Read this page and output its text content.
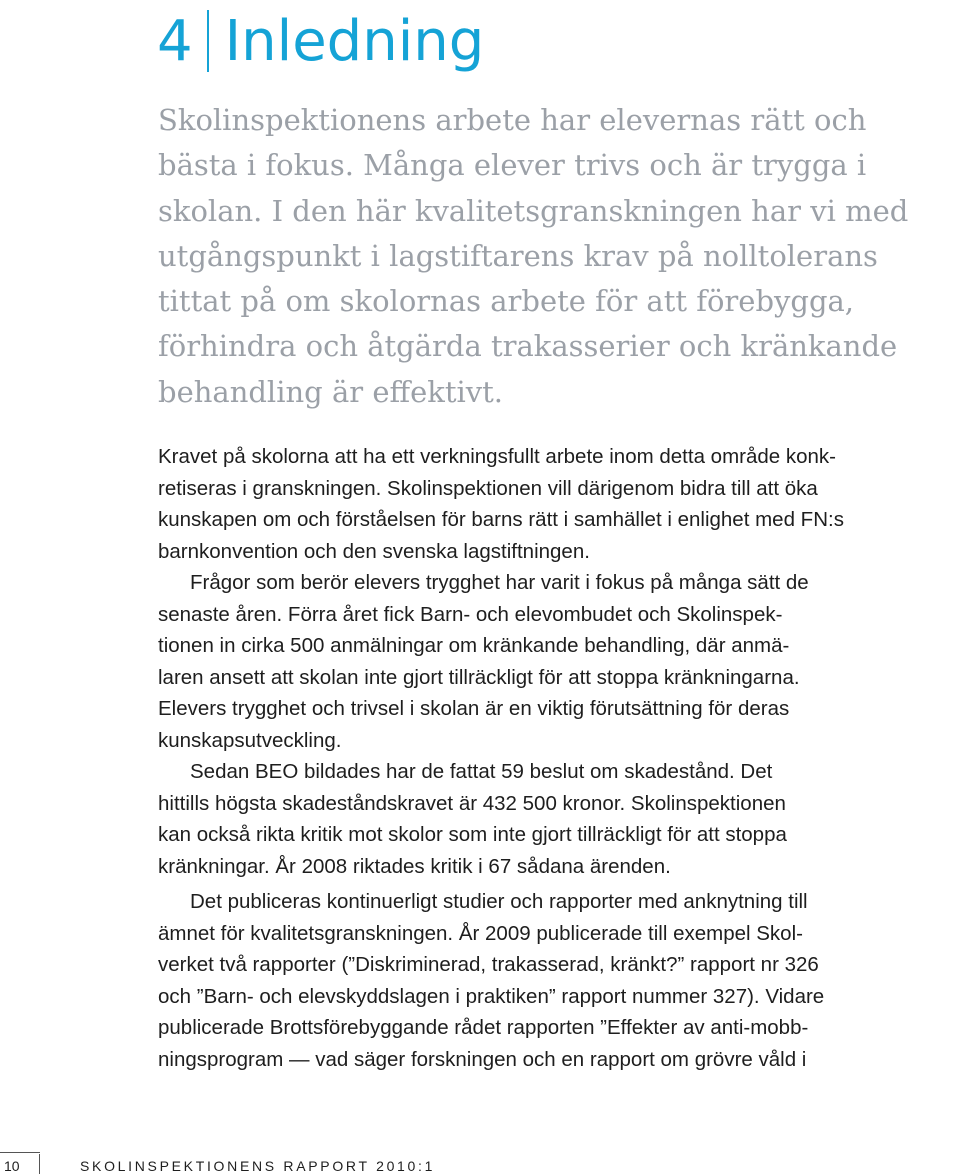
4 Inledning
Skolinspektionens arbete har elevernas rätt och
bästa i fokus. Många elever trivs och är trygga i
skolan. I den här kvalitetsgranskningen har vi med
utgångspunkt i lagstiftarens krav på nolltolerans
tittat på om skolornas arbete för att förebygga,
förhindra och åtgärda trakasserier och kränkande
behandling är effektivt.
Kravet på skolorna att ha ett verkningsfullt arbete inom detta område konk-
retiseras i granskningen. Skolinspektionen vill därigenom bidra till att öka
kunskapen om och förståelsen för barns rätt i samhället i enlighet med FN:s
barnkonvention och den svenska lagstiftningen.
Frågor som berör elevers trygghet har varit i fokus på många sätt de
senaste åren. Förra året fick Barn- och elevombudet och Skolinspek-
tionen in cirka 500 anmälningar om kränkande behandling, där anmä-
laren ansett att skolan inte gjort tillräckligt för att stoppa kränkningarna.
Elevers trygghet och trivsel i skolan är en viktig förutsättning för deras
kunskapsutveckling.
Sedan BEO bildades har de fattat 59 beslut om skadestånd. Det
hittills högsta skadeståndskravet är 432 500 kronor. Skolinspektionen
kan också rikta kritik mot skolor som inte gjort tillräckligt för att stoppa
kränkningar. År 2008 riktades kritik i 67 sådana ärenden.
Det publiceras kontinuerligt studier och rapporter med anknytning till
ämnet för kvalitetsgranskningen. År 2009 publicerade till exempel Skol-
verket två rapporter (”Diskriminerad, trakasserad, kränkt?” rapport nr 326
och ”Barn- och elevskyddslagen i praktiken” rapport nummer 327). Vidare
publicerade Brottsförebyggande rådet rapporten ”Effekter av anti-mobb-
ningsprogram — vad säger forskningen och en rapport om grövre våld i
10	SKOLINSPEKTIONENS RAPPORT 2010:1
